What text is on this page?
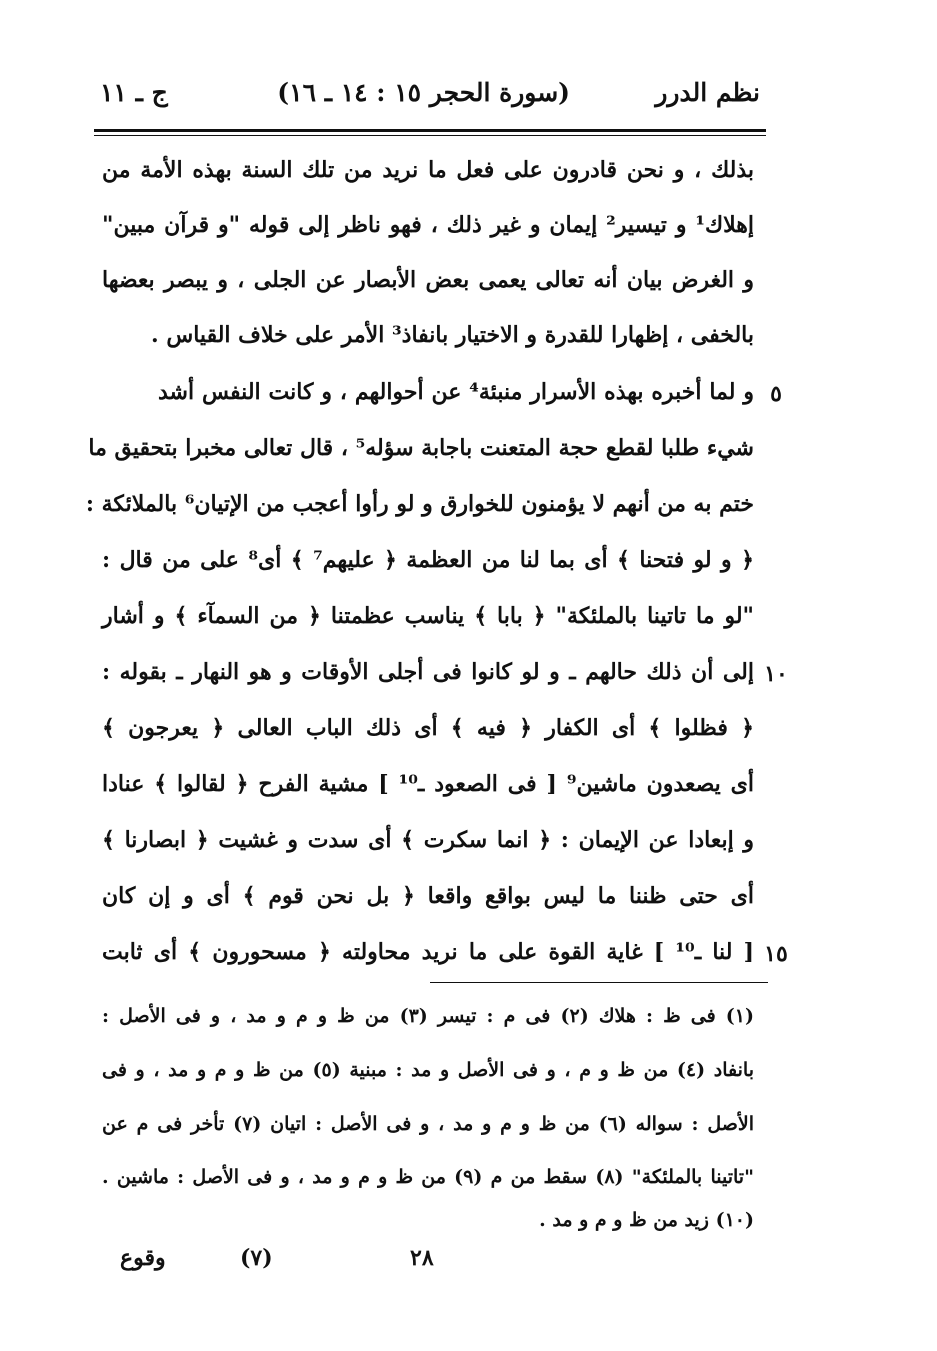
نظم الدرر
(سورة الحجر ١٥ : ١٤ ـ ١٦)
ج ـ ١١
بذلك ، و نحن قادرون على فعل ما نريد من تلك السنة بهذه الأمة من
إهلاك¹ و تيسير² إيمان و غير ذلك ، فهو ناظر إلى قوله "و قرآن مبين"
و الغرض بيان أنه تعالى يعمى بعض الأبصار عن الجلى ، و يبصر بعضها
بالخفى ، إظهارا للقدرة و الاختيار بانفاذ³ الأمر على خلاف القياس .
٥
و لما أخبره بهذه الأسرار منبئة⁴ عن أحوالهم ، و كانت النفس أشد
شيء طلبا لقطع حجة المتعنت باجابة سؤله⁵ ، قال تعالى مخبرا بتحقيق ما
ختم به من أنهم لا يؤمنون للخوارق و لو رأوا أعجب من الإتيان⁶ بالملائكة :
﴿ و لو فتحنا ﴾ أى بما لنا من العظمة ﴿ عليهم⁷ ﴾ أى⁸ على من قال :
"لو ما تاتينا بالملئكة" ﴿ بابا ﴾ يناسب عظمتنا ﴿ من السمآء ﴾ و أشار
١٠
إلى أن ذلك حالهم ـ و لو كانوا فى أجلى الأوقات و هو النهار ـ بقوله :
﴿ فظلوا ﴾ أى الكفار ﴿ فيه ﴾ أى ذلك الباب العالى ﴿ يعرجون ﴾
أى يصعدون ماشين⁹ [ فى الصعود ـ¹⁰ ] مشية الفرح ﴿ لقالوا ﴾ عنادا
و إبعادا عن الإيمان : ﴿ انما سكرت ﴾ أى سدت و غشيت ﴿ ابصارنا ﴾
أى حتى ظننا ما ليس بواقع واقعا ﴿ بل نحن قوم ﴾ أى و إن كان
١٥
[ لنا ـ¹⁰ ] غاية القوة على ما نريد محاولته ﴿ مسحورون ﴾ أى ثابت
(١) فى ظ : هلاك (٢) فى م : تيسر (٣) من ظ و م و مد ، و فى الأصل :
بانفاد (٤) من ظ و م ، و فى الأصل و مد : مبنية (٥) من ظ و م و مد ، و فى
الأصل : سواله (٦) من ظ و م و مد ، و فى الأصل : اتيان (٧) تأخر فى م عن
"تاتينا بالملئكة" (٨) سقط من م (٩) من ظ و م و مد ، و فى الأصل : ماشين .
(١٠) زيد من ظ و م و مد .
٢٨
(٧)
وقوع
